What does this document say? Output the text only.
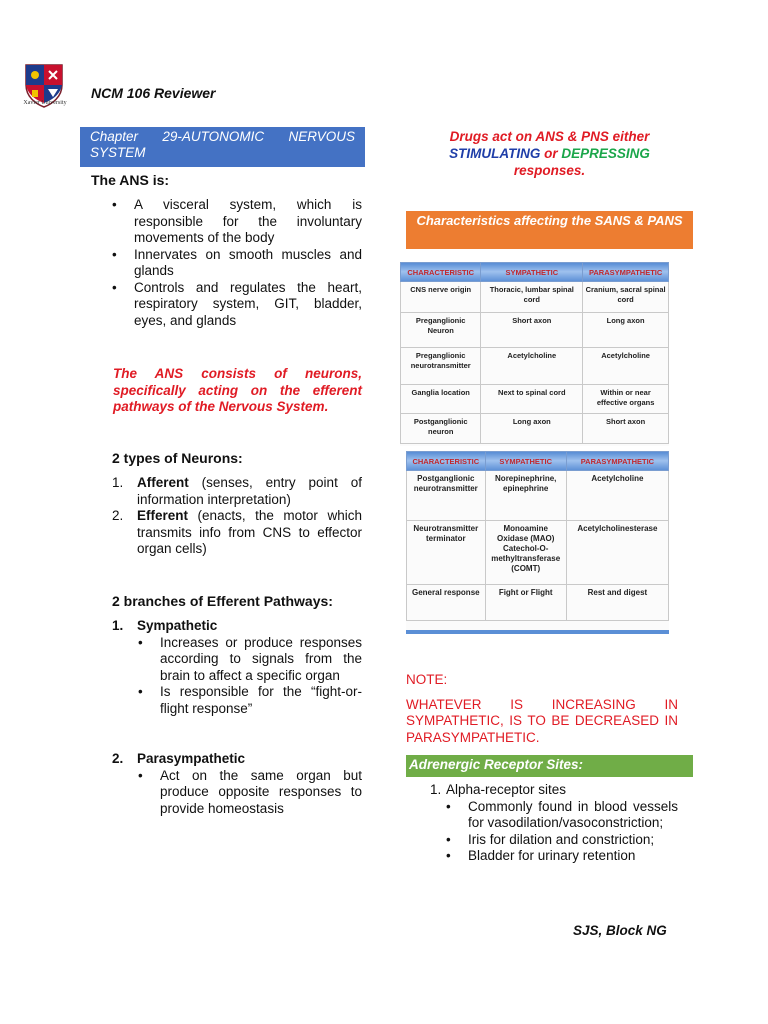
Xavier University
NCM 106 Reviewer
Chapter 29-AUTONOMIC NERVOUS SYSTEM
The ANS is:
• A visceral system, which is responsible for the involuntary movements of the body
• Innervates on smooth muscles and glands
• Controls and regulates the heart, respiratory system, GIT, bladder, eyes, and glands
The ANS consists of neurons, specifically acting on the efferent pathways of the Nervous System.
2 types of Neurons:
1. Afferent (senses, entry point of information interpretation)
2. Efferent (enacts, the motor which transmits info from CNS to effector organ cells)
2 branches of Efferent Pathways:
1. Sympathetic
• Increases or produce responses according to signals from the brain to affect a specific organ
• Is responsible for the “fight-or-flight response”
2. Parasympathetic
• Act on the same organ but produce opposite responses to provide homeostasis
Drugs act on ANS & PNS either
STIMULATING or DEPRESSING
responses.
Characteristics affecting the SANS & PANS
CHARACTERISTIC	SYMPATHETIC	PARASYMPATHETIC
CNS nerve origin	Thoracic, lumbar spinal cord	Cranium, sacral spinal cord
Preganglionic Neuron	Short axon	Long axon
Preganglionic neurotransmitter	Acetylcholine	Acetylcholine
Ganglia location	Next to spinal cord	Within or near effective organs
Postganglionic neuron	Long axon	Short axon
CHARACTERISTIC	SYMPATHETIC	PARASYMPATHETIC
Postganglionic neurotransmitter	Norepinephrine, epinephrine	Acetylcholine
Neurotransmitter terminator	Monoamine Oxidase (MAO) Catechol-O-methyltransferase (COMT)	Acetylcholinesterase
General response	Fight or Flight	Rest and digest
NOTE:
WHATEVER IS INCREASING IN SYMPATHETIC, IS TO BE DECREASED IN PARASYMPATHETIC.
Adrenergic Receptor Sites:
1. Alpha-receptor sites
• Commonly found in blood vessels for vasodilation/vasoconstriction;
• Iris for dilation and constriction;
• Bladder for urinary retention
SJS, Block NG
